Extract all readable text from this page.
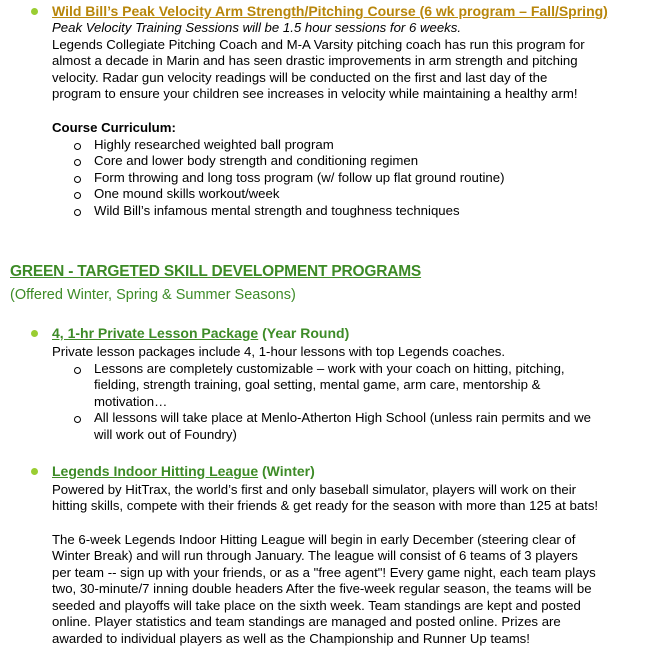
Wild Bill’s Peak Velocity Arm Strength/Pitching Course (6 wk program – Fall/Spring)
Peak Velocity Training Sessions will be 1.5 hour sessions for 6 weeks.
Legends Collegiate Pitching Coach and M-A Varsity pitching coach has run this program for
almost a decade in Marin and has seen drastic improvements in arm strength and pitching
velocity. Radar gun velocity readings will be conducted on the first and last day of the
program to ensure your children see increases in velocity while maintaining a healthy arm!
Course Curriculum:
Highly researched weighted ball program
Core and lower body strength and conditioning regimen
Form throwing and long toss program (w/ follow up flat ground routine)
One mound skills workout/week
Wild Bill’s infamous mental strength and toughness techniques
GREEN - TARGETED SKILL DEVELOPMENT PROGRAMS
(Offered Winter, Spring & Summer Seasons)
4, 1-hr Private Lesson Package (Year Round)
Private lesson packages include 4, 1-hour lessons with top Legends coaches.
Lessons are completely customizable – work with your coach on hitting, pitching,
fielding, strength training, goal setting, mental game, arm care, mentorship &
motivation…
All lessons will take place at Menlo-Atherton High School (unless rain permits and we
will work out of Foundry)
Legends Indoor Hitting League (Winter)
Powered by HitTrax, the world’s first and only baseball simulator, players will work on their
hitting skills, compete with their friends & get ready for the season with more than 125 at bats!
The 6-week Legends Indoor Hitting League will begin in early December (steering clear of
Winter Break) and will run through January. The league will consist of 6 teams of 3 players
per team -- sign up with your friends, or as a "free agent"! Every game night, each team plays
two, 30-minute/7 inning double headers After the five-week regular season, the teams will be
seeded and playoffs will take place on the sixth week. Team standings are kept and posted
online. Player statistics and team standings are managed and posted online. Prizes are
awarded to individual players as well as the Championship and Runner Up teams!
